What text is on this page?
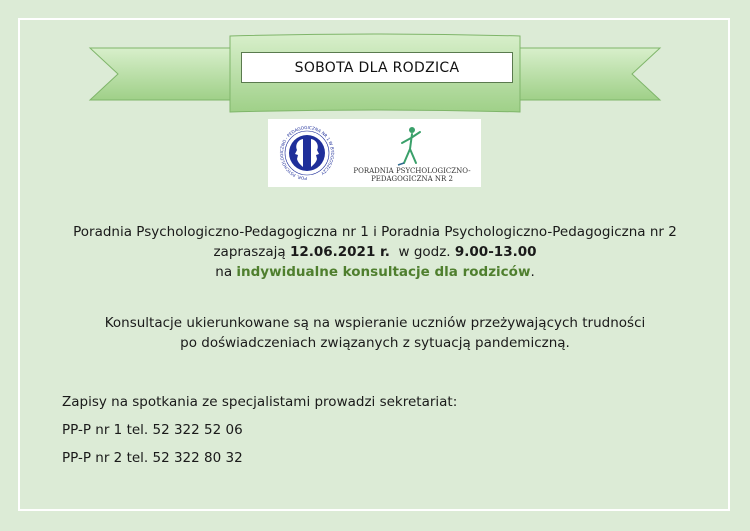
SOBOTA DLA RODZICA
POR. PSYCHOLOGICZNO - PEDAGOGICZNA NR 1 W BYDGOSZCZY	PORADNIA PSYCHOLOGICZNO-
PEDAGOGICZNA NR 2
Poradnia Psychologiczno-Pedagogiczna nr 1 i Poradnia Psychologiczno-Pedagogiczna nr 2
zapraszają 12.06.2021 r.  w godz. 9.00-13.00
na indywidualne konsultacje dla rodziców.
Konsultacje ukierunkowane są na wspieranie uczniów przeżywających trudności
po doświadczeniach związanych z sytuacją pandemiczną.
Zapisy na spotkania ze specjalistami prowadzi sekretariat:
PP-P nr 1 tel. 52 322 52 06
PP-P nr 2 tel. 52 322 80 32
